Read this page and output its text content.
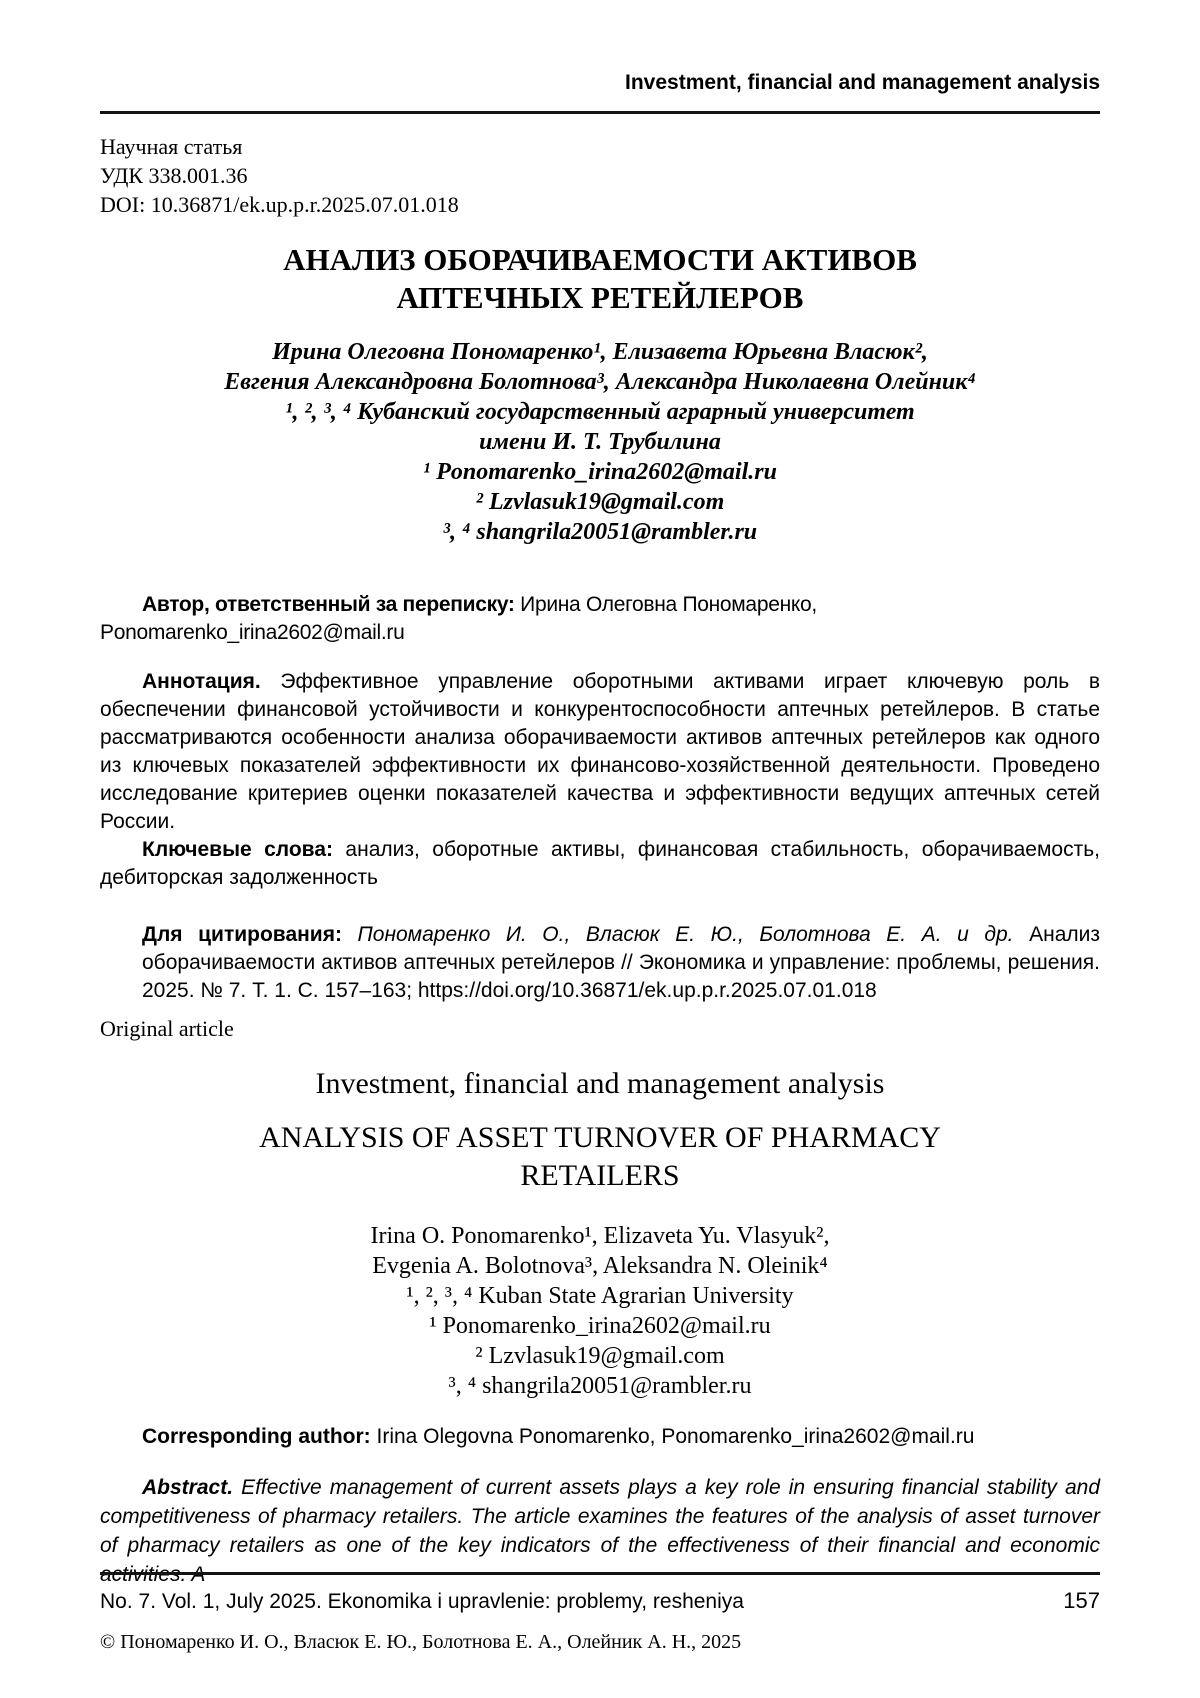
Investment, financial and management analysis
Научная статья
УДК 338.001.36
DOI: 10.36871/ek.up.p.r.2025.07.01.018
АНАЛИЗ ОБОРАЧИВАЕМОСТИ АКТИВОВ
АПТЕЧНЫХ РЕТЕЙЛЕРОВ
Ирина Олеговна Пономаренко¹, Елизавета Юрьевна Власюк²,
Евгения Александровна Болотнова³, Александра Николаевна Олейник⁴
¹, ², ³, ⁴ Кубанский государственный аграрный университет
имени И. Т. Трубилина
¹ Ponomarenko_irina2602@mail.ru
² Lzvlasuk19@gmail.com
³, ⁴ shangrila20051@rambler.ru

Автор, ответственный за переписку: Ирина Олеговна Пономаренко, Ponomarenko_irina2602@mail.ru

Аннотация. Эффективное управление оборотными активами играет ключевую роль в обеспечении финансовой устойчивости и конкурентоспособности аптечных ретейлеров. В статье рассматриваются особенности анализа оборачиваемости активов аптечных ретейлеров как одного из ключевых показателей эффективности их финансово-хозяйственной деятельности. Проведено исследование критериев оценки показателей качества и эффективности ведущих аптечных сетей России.

Ключевые слова: анализ, оборотные активы, финансовая стабильность, оборачиваемость, дебиторская задолженность

Для цитирования: Пономаренко И. О., Власюк Е. Ю., Болотнова Е. А. и др. Анализ оборачиваемости активов аптечных ретейлеров // Экономика и управление: проблемы, решения. 2025. № 7. Т. 1. С. 157–163; https://doi.org/10.36871/ek.up.p.r.2025.07.01.018

Original article
Investment, financial and management analysis
ANALYSIS OF ASSET TURNOVER OF PHARMACY
RETAILERS
Irina O. Ponomarenko¹, Elizaveta Yu. Vlasyuk²,
Evgenia A. Bolotnova³, Aleksandra N. Oleinik⁴
¹, ², ³, ⁴ Kuban State Agrarian University
¹ Ponomarenko_irina2602@mail.ru
² Lzvlasuk19@gmail.com
³, ⁴ shangrila20051@rambler.ru

Corresponding author: Irina Olegovna Ponomarenko, Ponomarenko_irina2602@mail.ru

Abstract. Effective management of current assets plays a key role in ensuring financial stability and competitiveness of pharmacy retailers. The article examines the features of the analysis of asset turnover of pharmacy retailers as one of the key indicators of the effectiveness of their financial and economic

© Пономаренко И. О., Власюк Е. Ю., Болотнова Е. А., Олейник А. Н., 2025
No. 7. Vol. 1, July 2025. Ekonomika i upravlenie: problemy, resheniya	157
